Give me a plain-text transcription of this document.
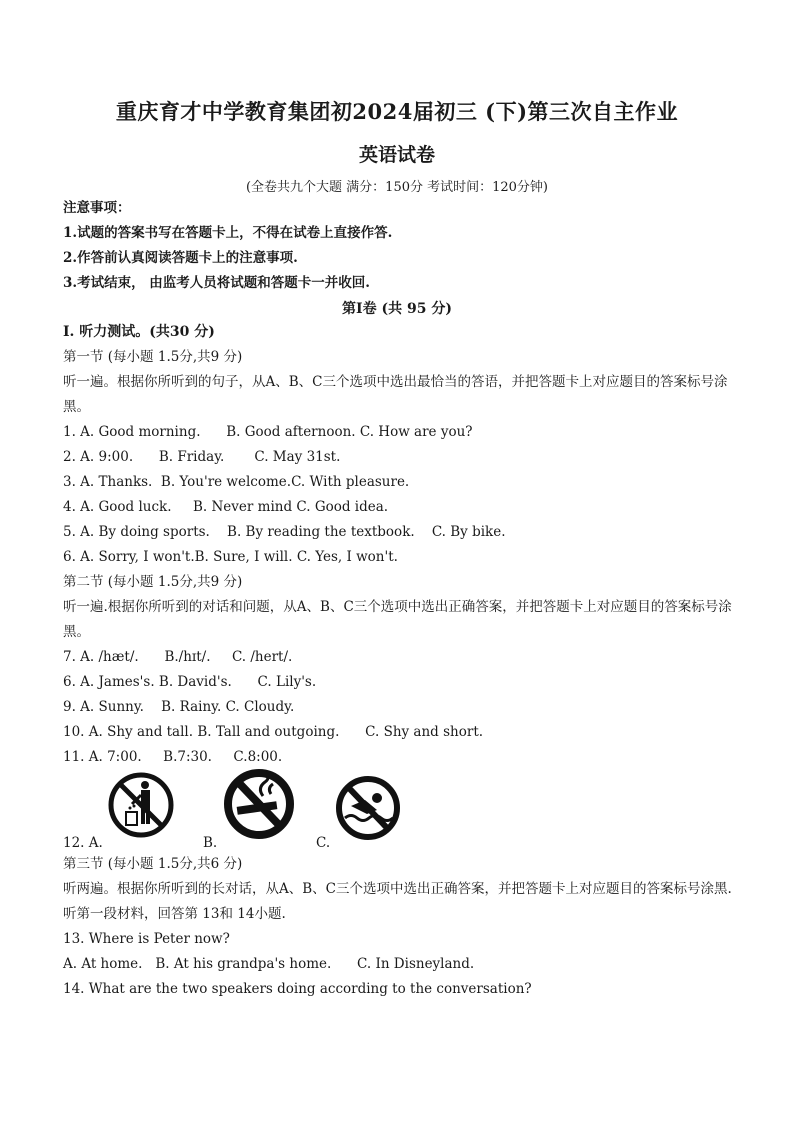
重庆育才中学教育集团初2024届初三 (下)第三次自主作业
英语试卷
(全卷共九个大题 满分：150分 考试时间：120分钟)
注意事项：
1.试题的答案书写在答题卡上，不得在试卷上直接作答.
2.作答前认真阅读答题卡上的注意事项.
3.考试结束， 由监考人员将试题和答题卡一并收回.
第Ⅰ卷 (共 95 分)
Ⅰ. 听力测试。(共30 分)
第一节 (每小题 1.5分,共9 分)
听一遍。根据你所听到的句子，从A、B、C三个选项中选出最恰当的答语，并把答题卡上对应题目的答案标号涂黑。
1. A. Good morning.      B. Good afternoon. C. How are you?
2. A. 9:00.      B. Friday.       C. May 31st.
3. A. Thanks.  B. You're welcome.C. With pleasure.
4. A. Good luck.     B. Never mind C. Good idea.
5. A. By doing sports.    B. By reading the textbook.    C. By bike.
6. A. Sorry, I won't.B. Sure, I will. C. Yes, I won't.
第二节 (每小题 1.5分,共9 分)
听一遍.根据你所听到的对话和问题，从A、B、C三个选项中选出正确答案，并把答题卡上对应题目的答案标号涂黑。
7. A. /hæt/.      B./hɪt/.     C. /hert/.
6. A. James's. B. David's.      C. Lily's.
9. A. Sunny.    B. Rainy. C. Cloudy.
10. A. Shy and tall. B. Tall and outgoing.      C. Shy and short.
11. A. 7:00.     B.7:30.     C.8:00.
12. A.	B.	C.
第三节 (每小题 1.5分,共6 分)
听两遍。根据你所听到的长对话，从A、B、C三个选项中选出正确答案，并把答题卡上对应题目的答案标号涂黑.
听第一段材料，回答第 13和 14小题.
13. Where is Peter now?
A. At home.   B. At his grandpa's home.      C. In Disneyland.
14. What are the two speakers doing according to the conversation?
